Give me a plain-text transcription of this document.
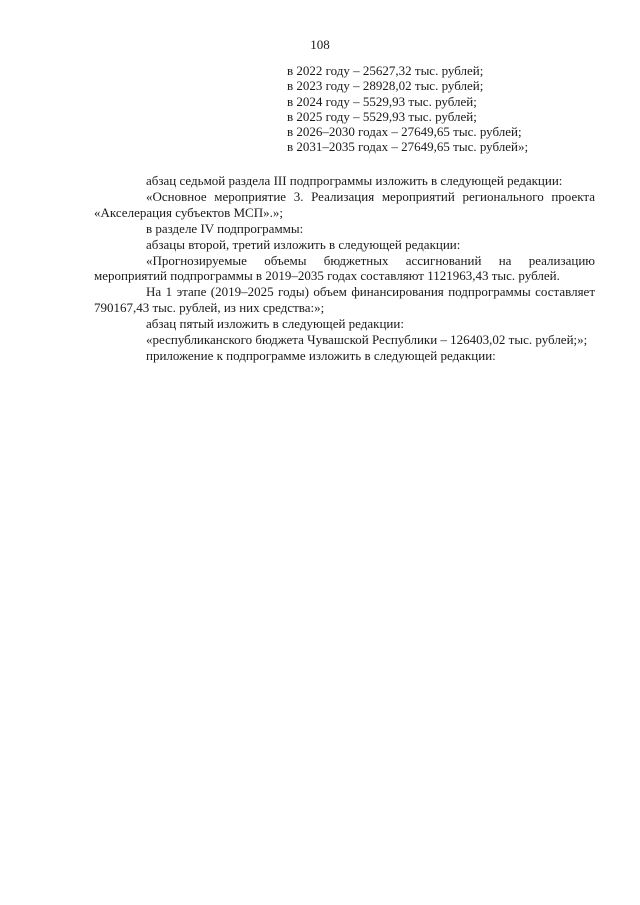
108
в 2022 году – 25627,32 тыс. рублей;
в 2023 году – 28928,02 тыс. рублей;
в 2024 году – 5529,93 тыс. рублей;
в 2025 году – 5529,93 тыс. рублей;
в 2026–2030 годах – 27649,65 тыс. рублей;
в 2031–2035 годах – 27649,65 тыс. рублей»;

абзац седьмой раздела III подпрограммы изложить в следующей редакции:

«Основное мероприятие 3. Реализация мероприятий регионального проекта «Акселерация субъектов МСП».»;

в разделе IV подпрограммы:

абзацы второй, третий изложить в следующей редакции:

«Прогнозируемые объемы бюджетных ассигнований на реализацию мероприятий подпрограммы в 2019–2035 годах составляют 1121963,43 тыс. рублей.

На 1 этапе (2019–2025 годы) объем финансирования подпрограммы составляет 790167,43 тыс. рублей, из них средства:»;

абзац пятый изложить в следующей редакции:

«республиканского бюджета Чувашской Республики – 126403,02 тыс. рублей;»;

приложение к подпрограмме изложить в следующей редакции:
